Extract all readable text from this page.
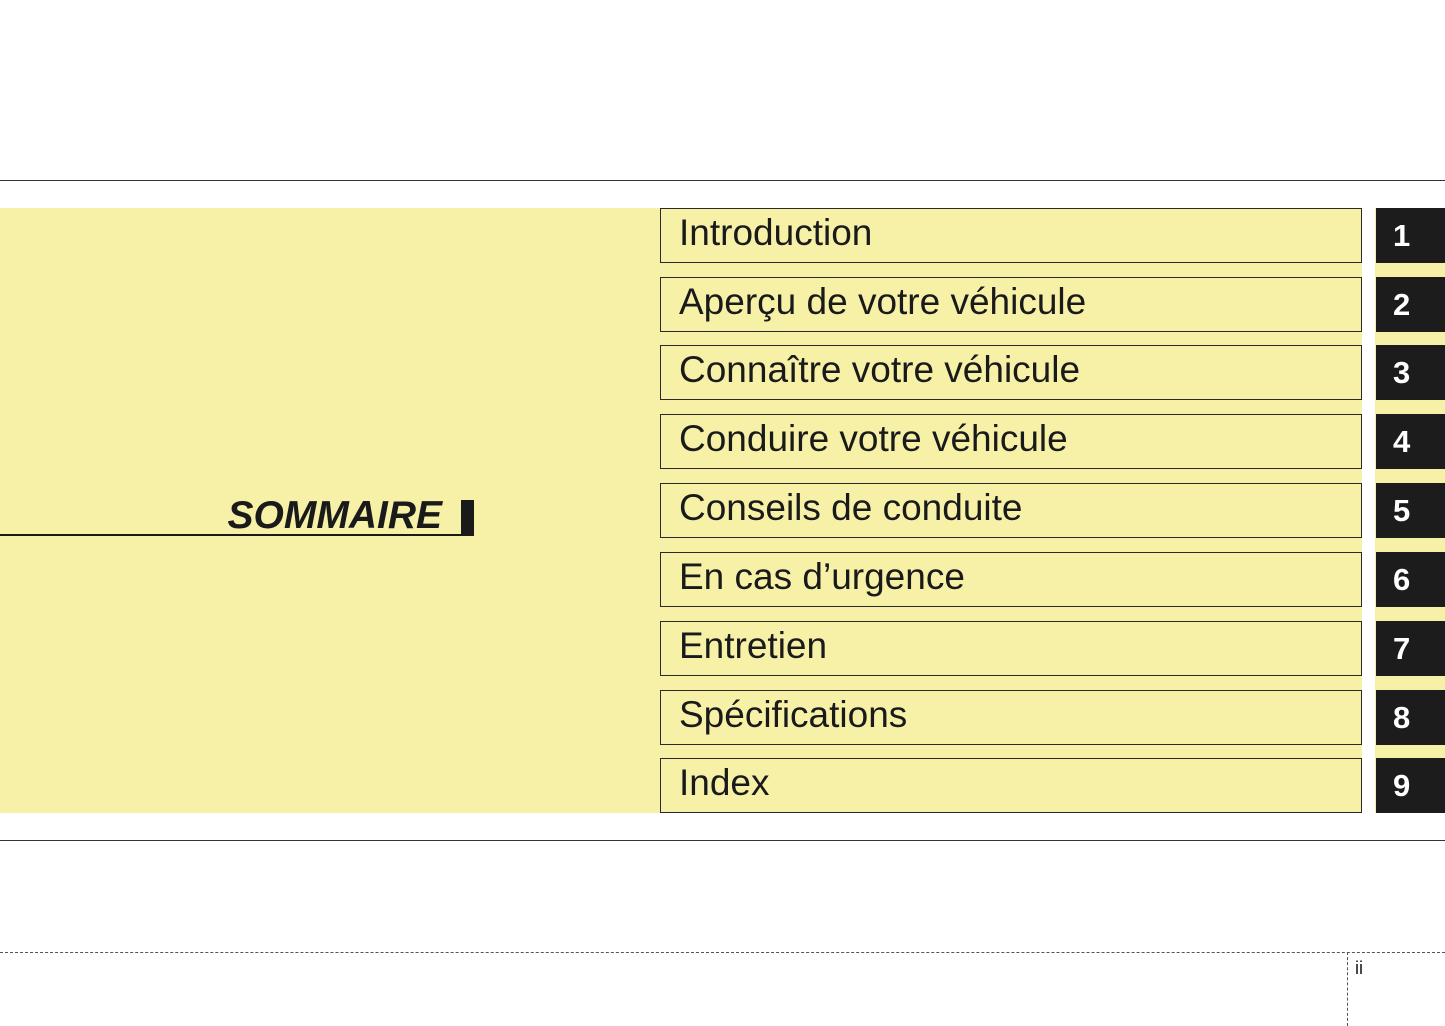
SOMMAIRE
Introduction	1
Aperçu de votre véhicule	2
Connaître votre véhicule	3
Conduire votre véhicule	4
Conseils de conduite	5
En cas d’urgence	6
Entretien	7
Spécifications	8
Index	9
ii
